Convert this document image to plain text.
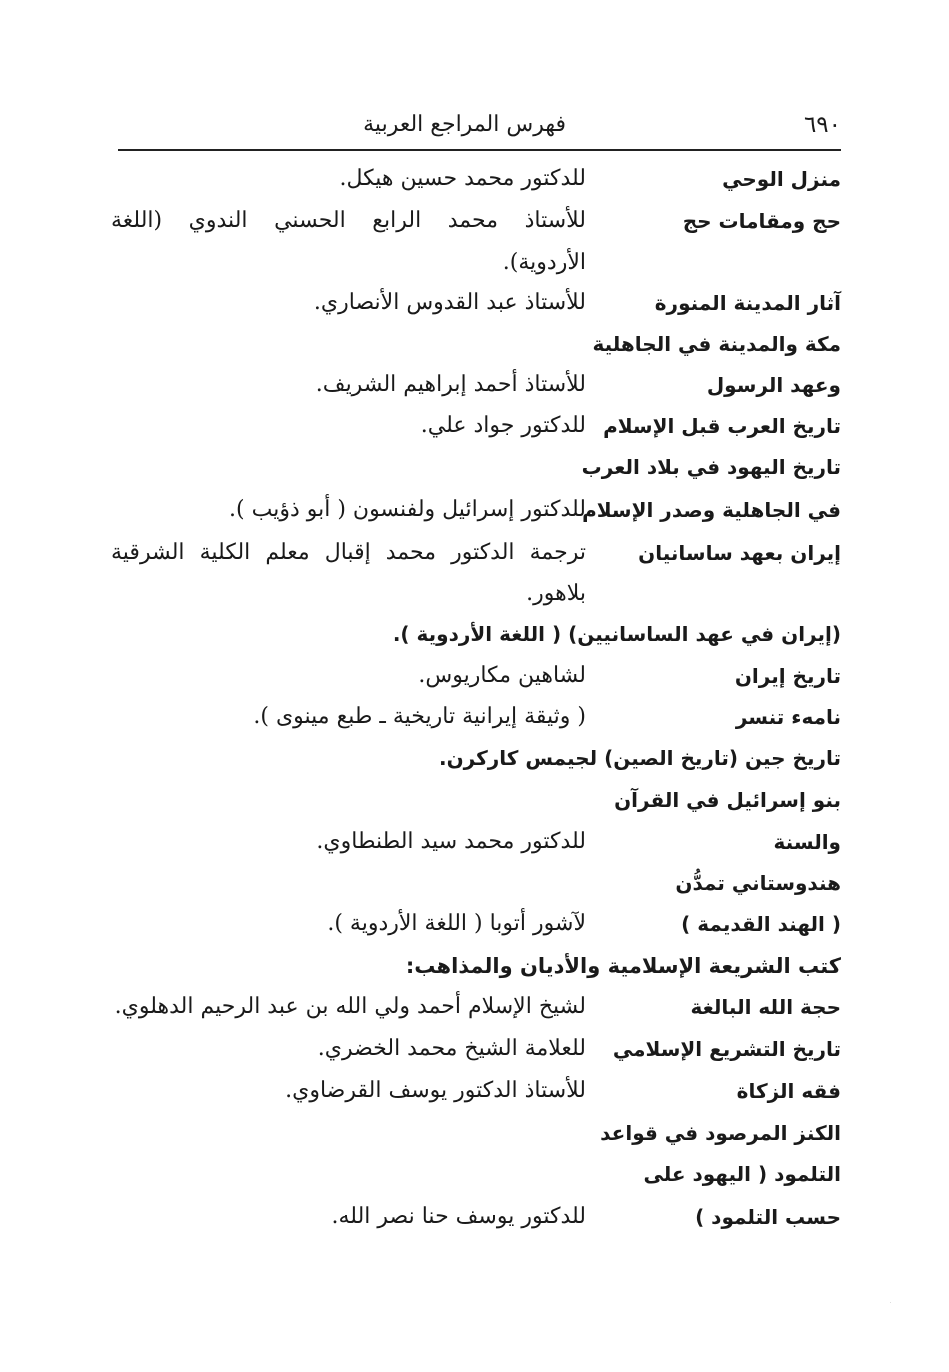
٦٩٠
فهرس المراجع العربية
منزل الوحي
للدكتور محمد حسين هيكل.
حج ومقامات حج
للأستاذ محمد الرابع الحسني الندوي (اللغة
الأردوية).
آثار المدينة المنورة
للأستاذ عبد القدوس الأنصاري.
مكة والمدينة في الجاهلية
وعهد الرسول
للأستاذ أحمد إبراهيم الشريف.
تاريخ العرب قبل الإسلام
للدكتور جواد علي.
تاريخ اليهود في بلاد العرب
في الجاهلية وصدر الإسلام
للدكتور إسرائيل ولفنسون ( أبو ذؤيب ).
إيران بعهد ساسانيان
ترجمة الدكتور محمد إقبال معلم الكلية الشرقية
بلاهور.
(إيران في عهد الساسانيين) ( اللغة الأردوية ).
تاريخ إيران
لشاهين مكاريوس.
نامهء تنسر
( وثيقة إيرانية تاريخية ـ طبع مينوى ).
تاريخ جين (تاريخ الصين) لجيمس كاركرن.
بنو إسرائيل في القرآن
والسنة
للدكتور محمد سيد الطنطاوي.
هندوستاني تمدُّن
( الهند القديمة )
لآشور أتوبا ( اللغة الأردوية ).
كتب الشريعة الإسلامية والأديان والمذاهب:
حجة الله البالغة
لشيخ الإسلام أحمد ولي الله بن عبد الرحيم الدهلوي.
تاريخ التشريع الإسلامي
للعلامة الشيخ محمد الخضري.
فقه الزكاة
للأستاذ الدكتور يوسف القرضاوي.
الكنز المرصود في قواعد
التلمود ( اليهود على
حسب التلمود )
للدكتور يوسف حنا نصر الله.
